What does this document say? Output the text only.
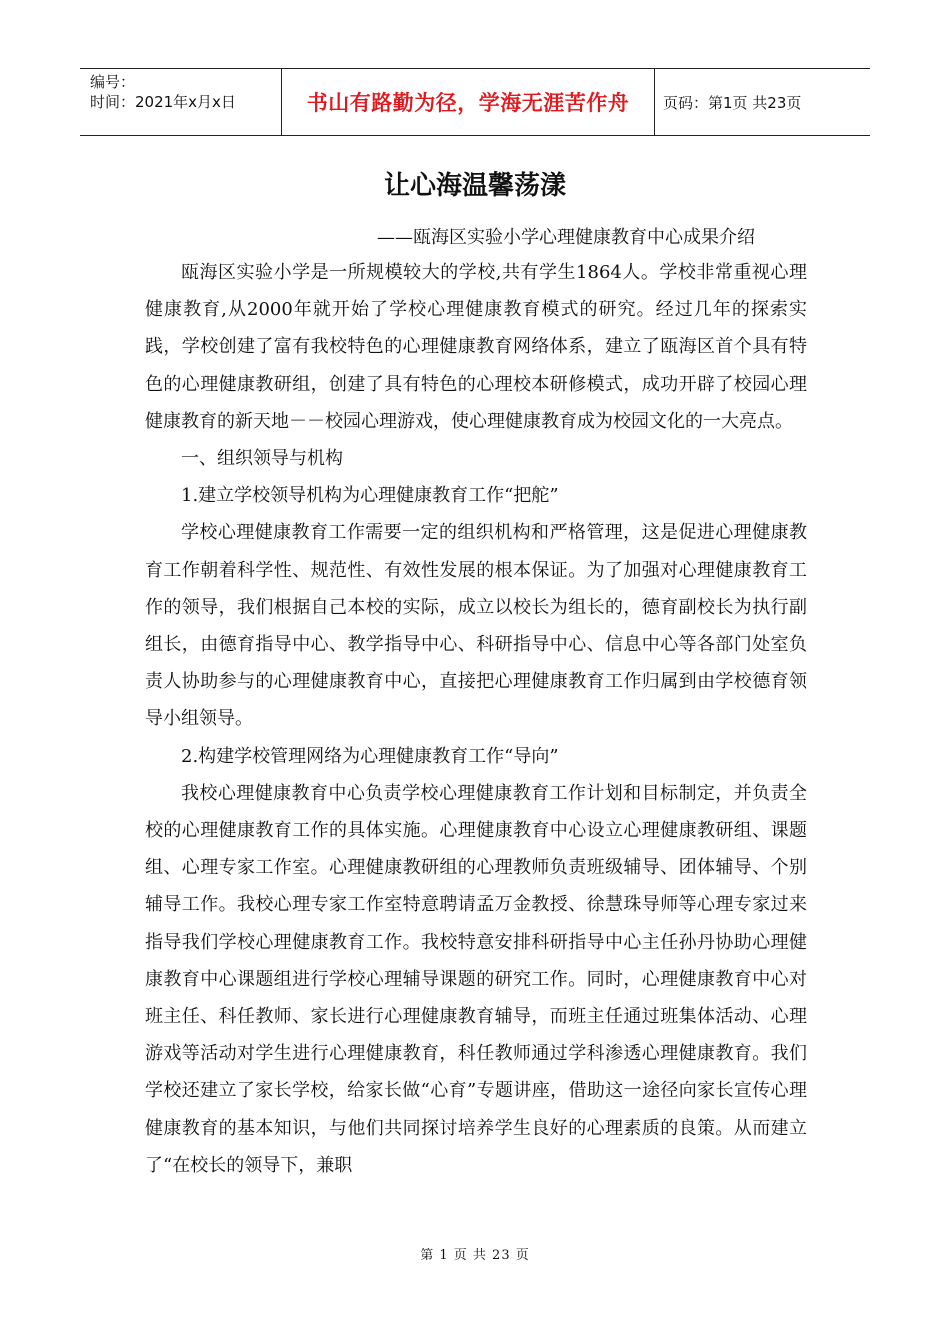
编号：
时间：2021年x月x日	书山有路勤为径，学海无涯苦作舟	页码：第1页 共23页
让心海温馨荡漾

——瓯海区实验小学心理健康教育中心成果介绍

瓯海区实验小学是一所规模较大的学校,共有学生1864人。学校非常重视心理健康教育,从2000年就开始了学校心理健康教育模式的研究。经过几年的探索实践，学校创建了富有我校特色的心理健康教育网络体系，建立了瓯海区首个具有特色的心理健康教研组，创建了具有特色的心理校本研修模式，成功开辟了校园心理健康教育的新天地－－校园心理游戏，使心理健康教育成为校园文化的一大亮点。

一、组织领导与机构

1.建立学校领导机构为心理健康教育工作“把舵”

学校心理健康教育工作需要一定的组织机构和严格管理，这是促进心理健康教育工作朝着科学性、规范性、有效性发展的根本保证。为了加强对心理健康教育工作的领导，我们根据自己本校的实际，成立以校长为组长的，德育副校长为执行副组长，由德育指导中心、教学指导中心、科研指导中心、信息中心等各部门处室负责人协助参与的心理健康教育中心，直接把心理健康教育工作归属到由学校德育领导小组领导。

2.构建学校管理网络为心理健康教育工作“导向”

我校心理健康教育中心负责学校心理健康教育工作计划和目标制定，并负责全校的心理健康教育工作的具体实施。心理健康教育中心设立心理健康教研组、课题组、心理专家工作室。心理健康教研组的心理教师负责班级辅导、团体辅导、个别辅导工作。我校心理专家工作室特意聘请孟万金教授、徐慧珠导师等心理专家过来指导我们学校心理健康教育工作。我校特意安排科研指导中心主任孙丹协助心理健康教育中心课题组进行学校心理辅导课题的研究工作。同时，心理健康教育中心对班主任、科任教师、家长进行心理健康教育辅导，而班主任通过班集体活动、心理游戏等活动对学生进行心理健康教育，科任教师通过学科渗透心理健康教育。我们学校还建立了家长学校，给家长做“心育”专题讲座，借助这一途径向家长宣传心理健康教育的基本知识，与他们共同探讨培养学生良好的心理素质的良策。从而建立了“在校长的领导下，兼职

第 1 页 共 23 页
